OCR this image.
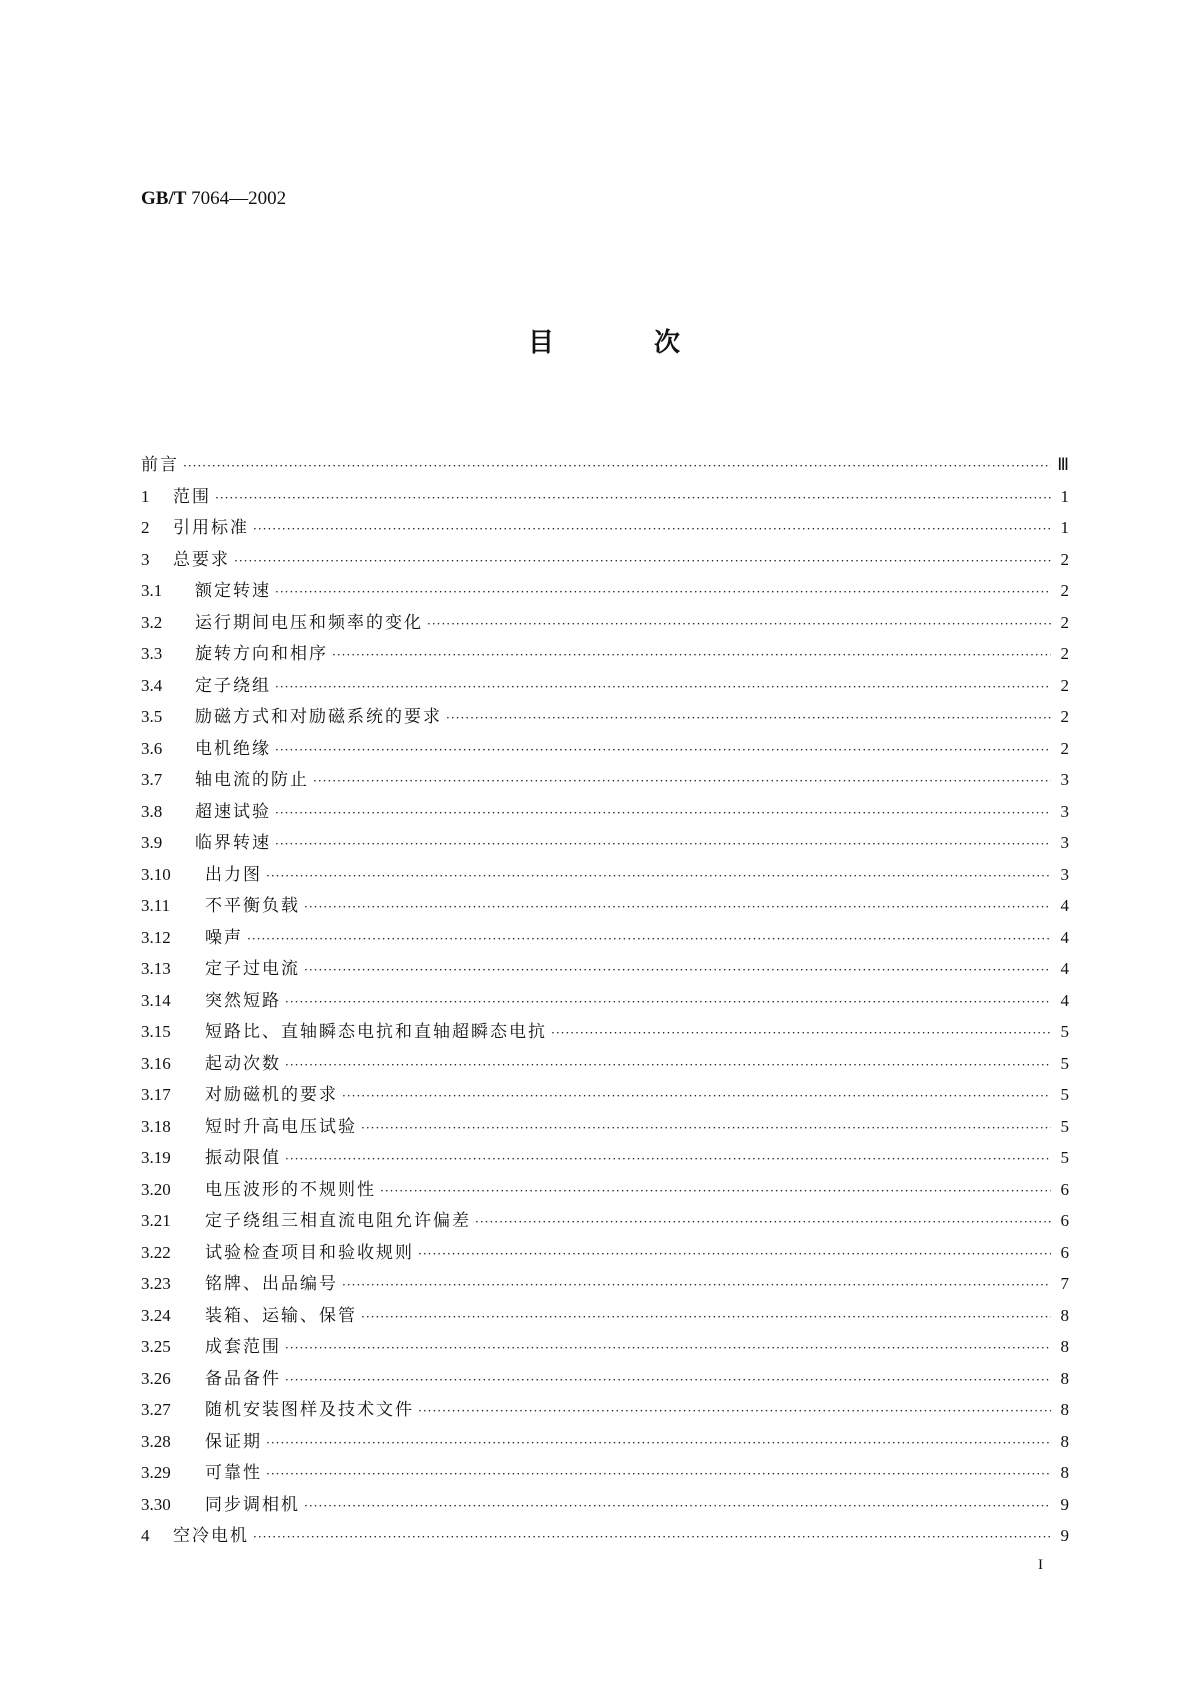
GB/T 7064—2002
目	次
前言 ·····	Ⅲ
1	范围 ·····	1
2	引用标准 ·····	1
3	总要求 ·····	2
3.1	额定转速 ·····	2
3.2	运行期间电压和频率的变化 ·····	2
3.3	旋转方向和相序 ·····	2
3.4	定子绕组 ·····	2
3.5	励磁方式和对励磁系统的要求 ·····	2
3.6	电机绝缘 ·····	2
3.7	轴电流的防止 ·····	3
3.8	超速试验 ·····	3
3.9	临界转速 ·····	3
3.10	出力图 ·····	3
3.11	不平衡负载 ·····	4
3.12	噪声 ·····	4
3.13	定子过电流 ·····	4
3.14	突然短路 ·····	4
3.15	短路比、直轴瞬态电抗和直轴超瞬态电抗 ·····	5
3.16	起动次数 ·····	5
3.17	对励磁机的要求 ·····	5
3.18	短时升高电压试验 ·····	5
3.19	振动限值 ·····	5
3.20	电压波形的不规则性 ·····	6
3.21	定子绕组三相直流电阻允许偏差 ·····	6
3.22	试验检查项目和验收规则 ·····	6
3.23	铭牌、出品编号 ·····	7
3.24	装箱、运输、保管 ·····	8
3.25	成套范围 ·····	8
3.26	备品备件 ·····	8
3.27	随机安装图样及技术文件 ·····	8
3.28	保证期 ·····	8
3.29	可靠性 ·····	8
3.30	同步调相机 ·····	9
4	空冷电机 ·····	9
I
